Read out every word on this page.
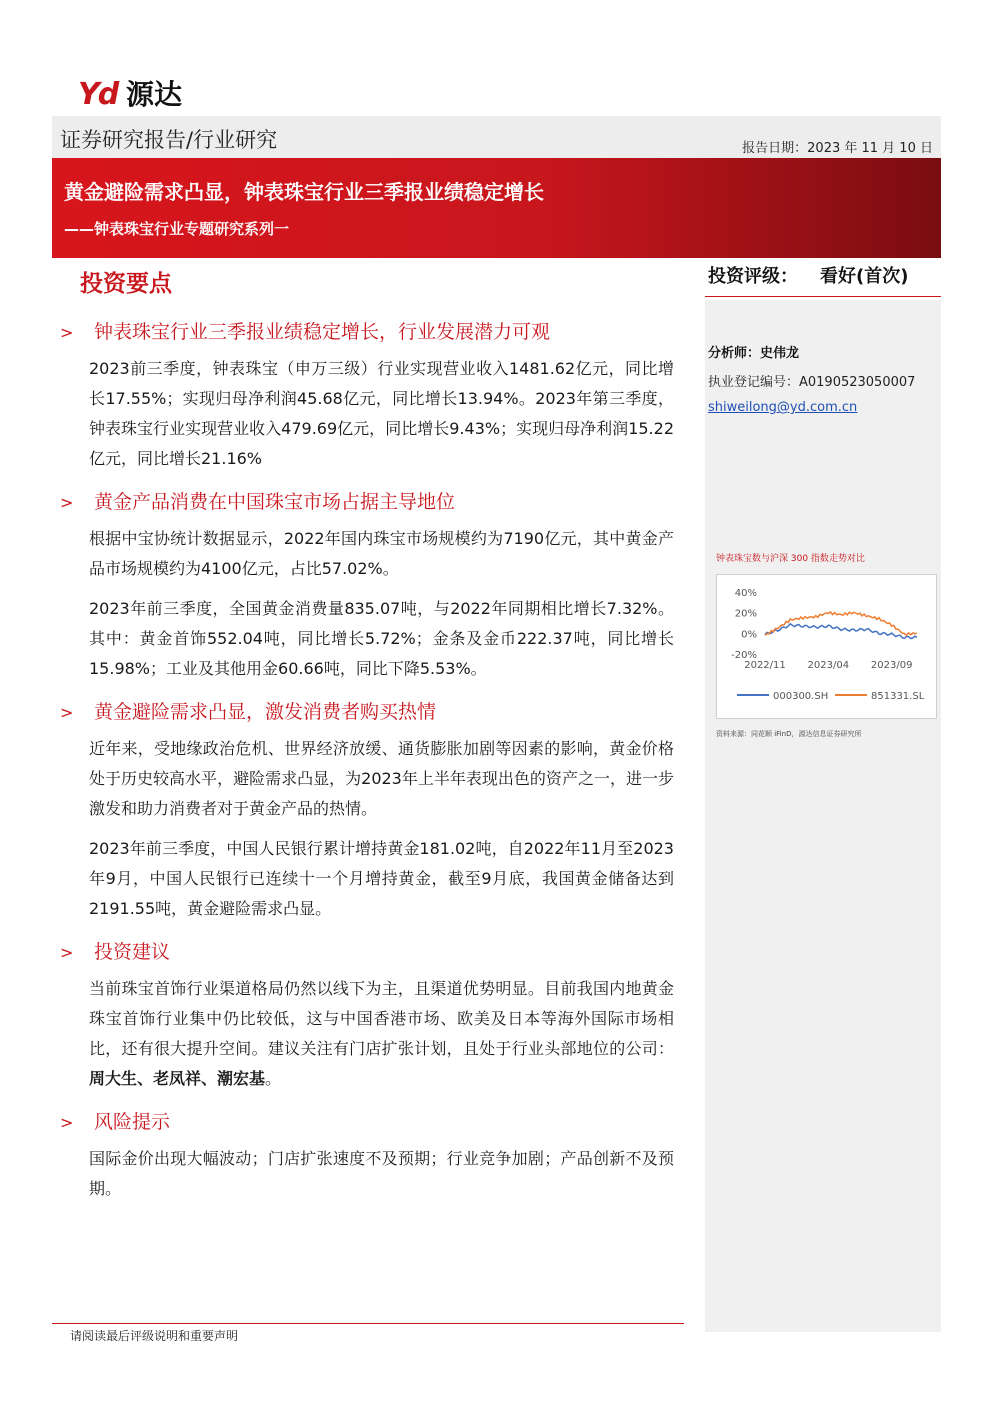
Yd 源达
证券研究报告/行业研究	报告日期：2023 年 11 月 10 日
黄金避险需求凸显，钟表珠宝行业三季报业绩稳定增长
——钟表珠宝行业专题研究系列一
投资评级： 看好(首次)
分析师：史伟龙
执业登记编号：A0190523050007
shiweilong@yd.com.cn
钟表珠宝数与沪深 300 指数走势对比
40%
20%
0%
-20%
2022/11 2023/04 2023/09
000300.SH	851331.SL
资料来源：同花顺 iFinD，源达信息证券研究所
投资要点
> 钟表珠宝行业三季报业绩稳定增长，行业发展潜力可观
2023前三季度，钟表珠宝（申万三级）行业实现营业收入1481.62亿元，同比增长17.55%；实现归母净利润45.68亿元，同比增长13.94%。2023年第三季度，钟表珠宝行业实现营业收入479.69亿元，同比增长9.43%；实现归母净利润15.22亿元，同比增长21.16%
> 黄金产品消费在中国珠宝市场占据主导地位
根据中宝协统计数据显示，2022年国内珠宝市场规模约为7190亿元，其中黄金产品市场规模约为4100亿元，占比57.02%。
2023年前三季度，全国黄金消费量835.07吨，与2022年同期相比增长7.32%。其中：黄金首饰552.04吨，同比增长5.72%；金条及金币222.37吨，同比增长15.98%；工业及其他用金60.66吨，同比下降5.53%。
> 黄金避险需求凸显，激发消费者购买热情
近年来，受地缘政治危机、世界经济放缓、通货膨胀加剧等因素的影响，黄金价格处于历史较高水平，避险需求凸显，为2023年上半年表现出色的资产之一，进一步激发和助力消费者对于黄金产品的热情。
2023年前三季度，中国人民银行累计增持黄金181.02吨，自2022年11月至2023年9月，中国人民银行已连续十一个月增持黄金，截至9月底，我国黄金储备达到2191.55吨，黄金避险需求凸显。
> 投资建议
当前珠宝首饰行业渠道格局仍然以线下为主，且渠道优势明显。目前我国内地黄金珠宝首饰行业集中仍比较低，这与中国香港市场、欧美及日本等海外国际市场相比，还有很大提升空间。建议关注有门店扩张计划，且处于行业头部地位的公司：周大生、老凤祥、潮宏基。
> 风险提示
国际金价出现大幅波动；门店扩张速度不及预期；行业竞争加剧；产品创新不及预期。
请阅读最后评级说明和重要声明
